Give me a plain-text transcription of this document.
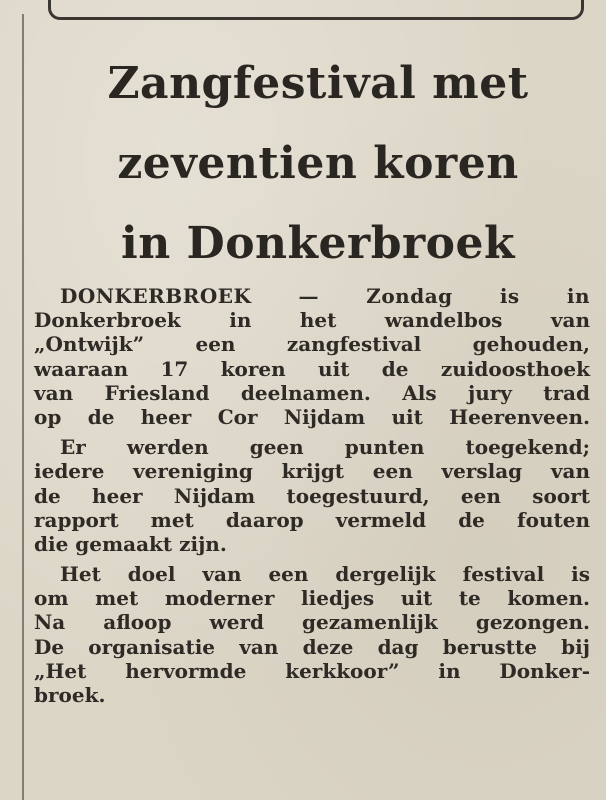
Zangfestival met
zeventien koren
in Donkerbroek
DONKERBROEK — Zondag is in
Donkerbroek in het wandelbos van
„Ontwijk” een zangfestival gehouden,
waaraan 17 koren uit de zuidoosthoek
van Friesland deelnamen. Als jury trad
op de heer Cor Nijdam uit Heerenveen.
Er werden geen punten toegekend;
iedere vereniging krijgt een verslag van
de heer Nijdam toegestuurd, een soort
rapport met daarop vermeld de fouten
die gemaakt zijn.
Het doel van een dergelijk festival is
om met moderner liedjes uit te komen.
Na afloop werd gezamenlijk gezongen.
De organisatie van deze dag berustte bij
„Het hervormde kerkkoor” in Donker-
broek.
